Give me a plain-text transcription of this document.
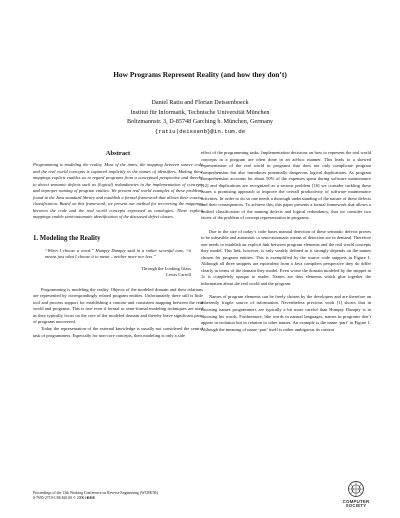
How Programs Represent Reality (and how they don’t)
Daniel Ratiu and Florian Deissenboeck
Institut für Informatik, Technische Universität München
Boltzmannstr. 3, D-85748 Garching b. München, Germany
{ratiu|deissenb}@in.tum.de
Abstract
Programming is modeling the reality. Most of the times, the mapping between source code and the real world concepts is captured implicitly in the names of identifiers. Making these mappings explicit enables us to regard programs from a conceptual perspective and thereby to detect semantic defects such as (logical) redundancies in the implementation of concepts and improper naming of program entities. We present real world examples of these problems found in the Java standard library and establish a formal framework that allows their concise classification. Based on this framework, we present our method for recovering the mappings between the code and the real world concepts expressed as ontologies. These explicit mappings enable semi-automatic identification of the discussed defect classes.
1. Modeling the Reality
“When I choose a word,” Humpty Dumpty said in a rather scornful tone, “it means just what I choose it to mean – neither more nor less.”
Through the Looking Glass
Lewis Carroll

Programming is modeling the reality. Objects of the modeled domain and their relations are represented by correspondingly related program entities. Unfortunately there still is little tool and process support for establishing a concise and consistent mapping between the real world and programs. This is true even if formal or semi-formal modeling techniques are used as they typically focus on the core of the modeled domain and thereby leave significant parts of programs uncovered.

Today the representation of the external knowledge is usually not considered the central task of programmers. Especially for non-core concepts, their modeling is only a side

effect of the programming tasks. Implementation decisions on how to represent the real world concepts in a program are often done in an ad-hoc manner. This leads to a skewed representation of the real world in programs that does not only complicate program comprehension but also introduces potentially dangerous logical duplications. As program comprehension accounts for about 50% of the expenses spent during software maintenance [12] and duplications are recognized as a serious problem [16] we consider tackling these issues a promising approach to improve the overall productivity of software maintenance activities. In order to do so one needs a thorough understanding of the nature of these defects and their consequences. To achieve this, this paper presents a formal framework that allows a unified classification of the naming defects and logical redundancy, that we consider two facets of the problem of concept representation in programs.

Due to the size of today’s code bases manual detection of these semantic defects proves to be infeasible and automatic or semi-automatic means of detection are in demand. Therefore one needs to establish an explicit link between program elements and the real world concepts they model. This link, however, is only weakly defined as it strongly depends on the names chosen for program entities. This is exemplified by the source code snippets in Figure 1. Although all three snippets are equivalent from a Java compilers perspective they do differ clearly in terms of the domain they model. Even worse the domain modeled by the snippet in 1c is completely opaque to reader. Names are thus elements which glue together the information about the real world and the program.

Names of program elements can be freely chosen by the developers and are therefore an inherently fragile source of information. Nevertheless previous work [1] shows that in choosing names programmers are typically a bit more careful than Humpty Dumpty is in choosing his words. Furthermore, like words in natural languages, names in programs don’t appear in isolation but in relation to other names. An example is the name ‘part’ in Figure 1. Although the meaning of name ‘part’ itself is rather ambiguous its context

Proceedings of the 13th Working Conference on Reverse Engineering (WCRE'06)
0-7695-2719-1/06 $20.00 © 2006 IEEE
COMPUTER
SOCIETY
